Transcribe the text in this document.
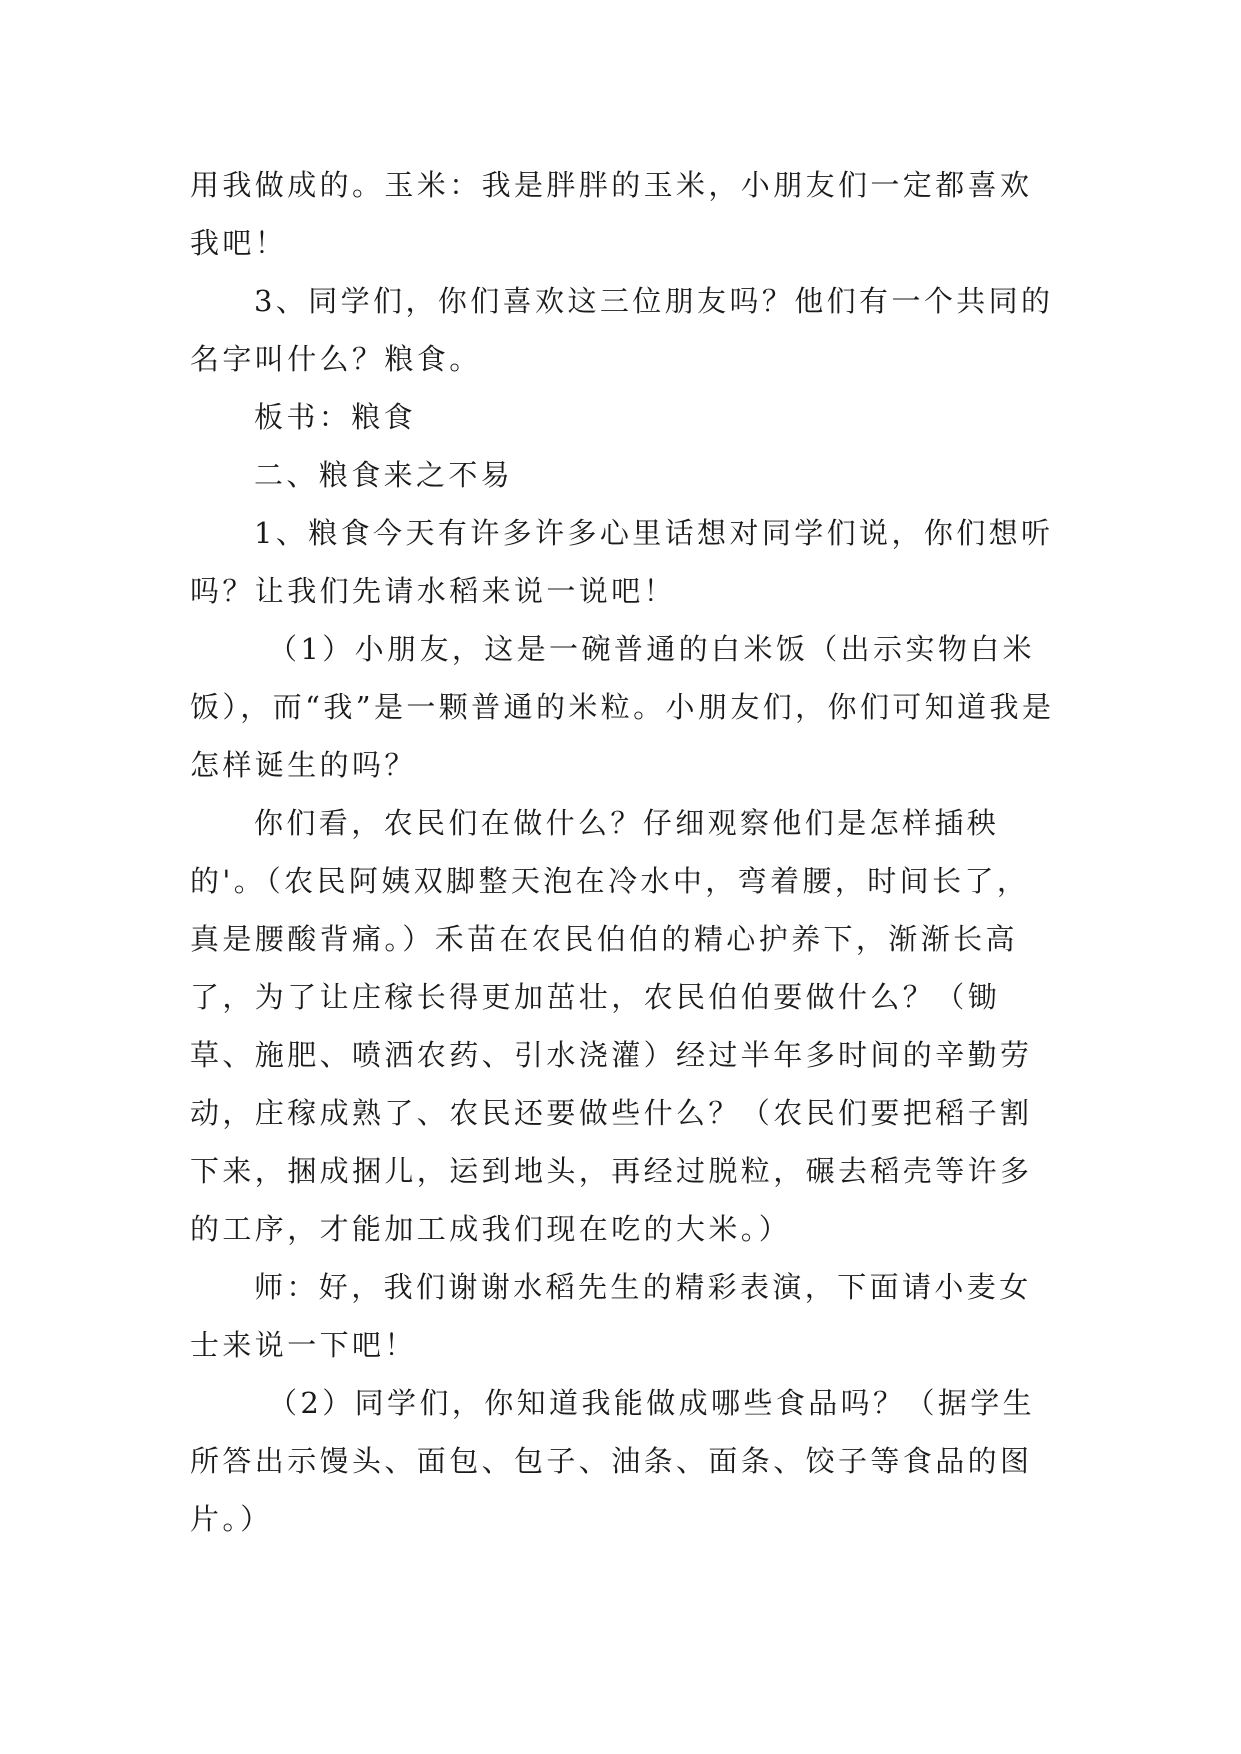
用我做成的。玉米：我是胖胖的玉米，小朋友们一定都喜欢我吧！

3、同学们，你们喜欢这三位朋友吗？他们有一个共同的名字叫什么？粮食。

板书：粮食

二、粮食来之不易

1、粮食今天有许多许多心里话想对同学们说，你们想听吗？让我们先请水稻来说一说吧！

（1）小朋友，这是一碗普通的白米饭（出示实物白米饭），而“我”是一颗普通的米粒。小朋友们，你们可知道我是怎样诞生的吗？

你们看，农民们在做什么？仔细观察他们是怎样插秧的'。（农民阿姨双脚整天泡在冷水中，弯着腰，时间长了，真是腰酸背痛。）禾苗在农民伯伯的精心护养下，渐渐长高了，为了让庄稼长得更加茁壮，农民伯伯要做什么？（锄草、施肥、喷洒农药、引水浇灌）经过半年多时间的辛勤劳动，庄稼成熟了、农民还要做些什么？（农民们要把稻子割下来，捆成捆儿，运到地头，再经过脱粒，碾去稻壳等许多的工序，才能加工成我们现在吃的大米。）

师：好，我们谢谢水稻先生的精彩表演，下面请小麦女士来说一下吧！

（2）同学们，你知道我能做成哪些食品吗？（据学生所答出示馒头、面包、包子、油条、面条、饺子等食品的图片。）
